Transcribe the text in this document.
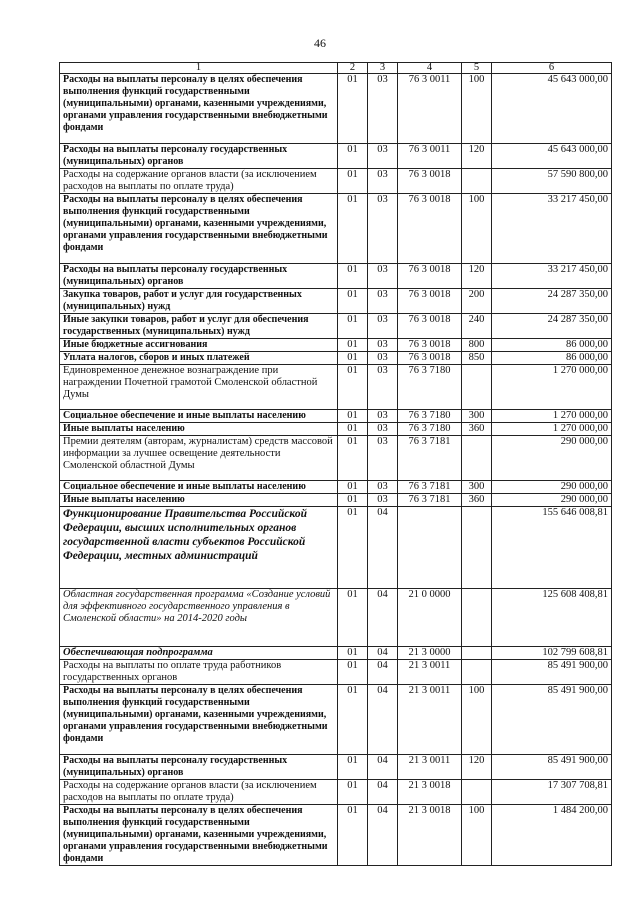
46
1	2	3	4	5	6
Расходы на выплаты персоналу в целях обеспечения выполнения функций государственными (муниципальными) органами, казенными учреждениями, органами управления государственными внебюджетными фондами	01	03	76 3 0011	100	45 643 000,00
Расходы на выплаты персоналу государственных (муниципальных) органов	01	03	76 3 0011	120	45 643 000,00
Расходы на содержание органов власти (за исключением расходов на выплаты по оплате труда)	01	03	76 3 0018		57 590 800,00
Расходы на выплаты персоналу в целях обеспечения выполнения функций государственными (муниципальными) органами, казенными учреждениями, органами управления государственными внебюджетными фондами	01	03	76 3 0018	100	33 217 450,00
Расходы на выплаты персоналу государственных (муниципальных) органов	01	03	76 3 0018	120	33 217 450,00
Закупка товаров, работ и услуг для государственных (муниципальных) нужд	01	03	76 3 0018	200	24 287 350,00
Иные закупки товаров, работ и услуг для обеспечения государственных (муниципальных) нужд	01	03	76 3 0018	240	24 287 350,00
Иные бюджетные ассигнования	01	03	76 3 0018	800	86 000,00
Уплата налогов, сборов и иных платежей	01	03	76 3 0018	850	86 000,00
Единовременное денежное вознаграждение при награждении Почетной грамотой Смоленской областной Думы	01	03	76 3 7180		1 270 000,00
Социальное обеспечение и иные выплаты населению	01	03	76 3 7180	300	1 270 000,00
Иные выплаты населению	01	03	76 3 7180	360	1 270 000,00
Премии деятелям (авторам, журналистам) средств массовой информации за лучшее освещение деятельности Смоленской областной Думы	01	03	76 3 7181		290 000,00
Социальное обеспечение и иные выплаты населению	01	03	76 3 7181	300	290 000,00
Иные выплаты населению	01	03	76 3 7181	360	290 000,00
Функционирование Правительства Российской Федерации, высших исполнительных органов государственной власти субъектов Российской Федерации, местных администраций	01	04			155 646 008,81
Областная государственная программа «Создание условий для эффективного государственного управления в Смоленской области» на 2014-2020 годы	01	04	21 0 0000		125 608 408,81
Обеспечивающая подпрограмма	01	04	21 3 0000		102 799 608,81
Расходы на выплаты по оплате труда работников государственных органов	01	04	21 3 0011		85 491 900,00
Расходы на выплаты персоналу в целях обеспечения выполнения функций государственными (муниципальными) органами, казенными учреждениями, органами управления государственными внебюджетными фондами	01	04	21 3 0011	100	85 491 900,00
Расходы на выплаты персоналу государственных (муниципальных) органов	01	04	21 3 0011	120	85 491 900,00
Расходы на содержание органов власти (за исключением расходов на выплаты по оплате труда)	01	04	21 3 0018		17 307 708,81
Расходы на выплаты персоналу в целях обеспечения выполнения функций государственными (муниципальными) органами, казенными учреждениями, органами управления государственными внебюджетными фондами	01	04	21 3 0018	100	1 484 200,00
